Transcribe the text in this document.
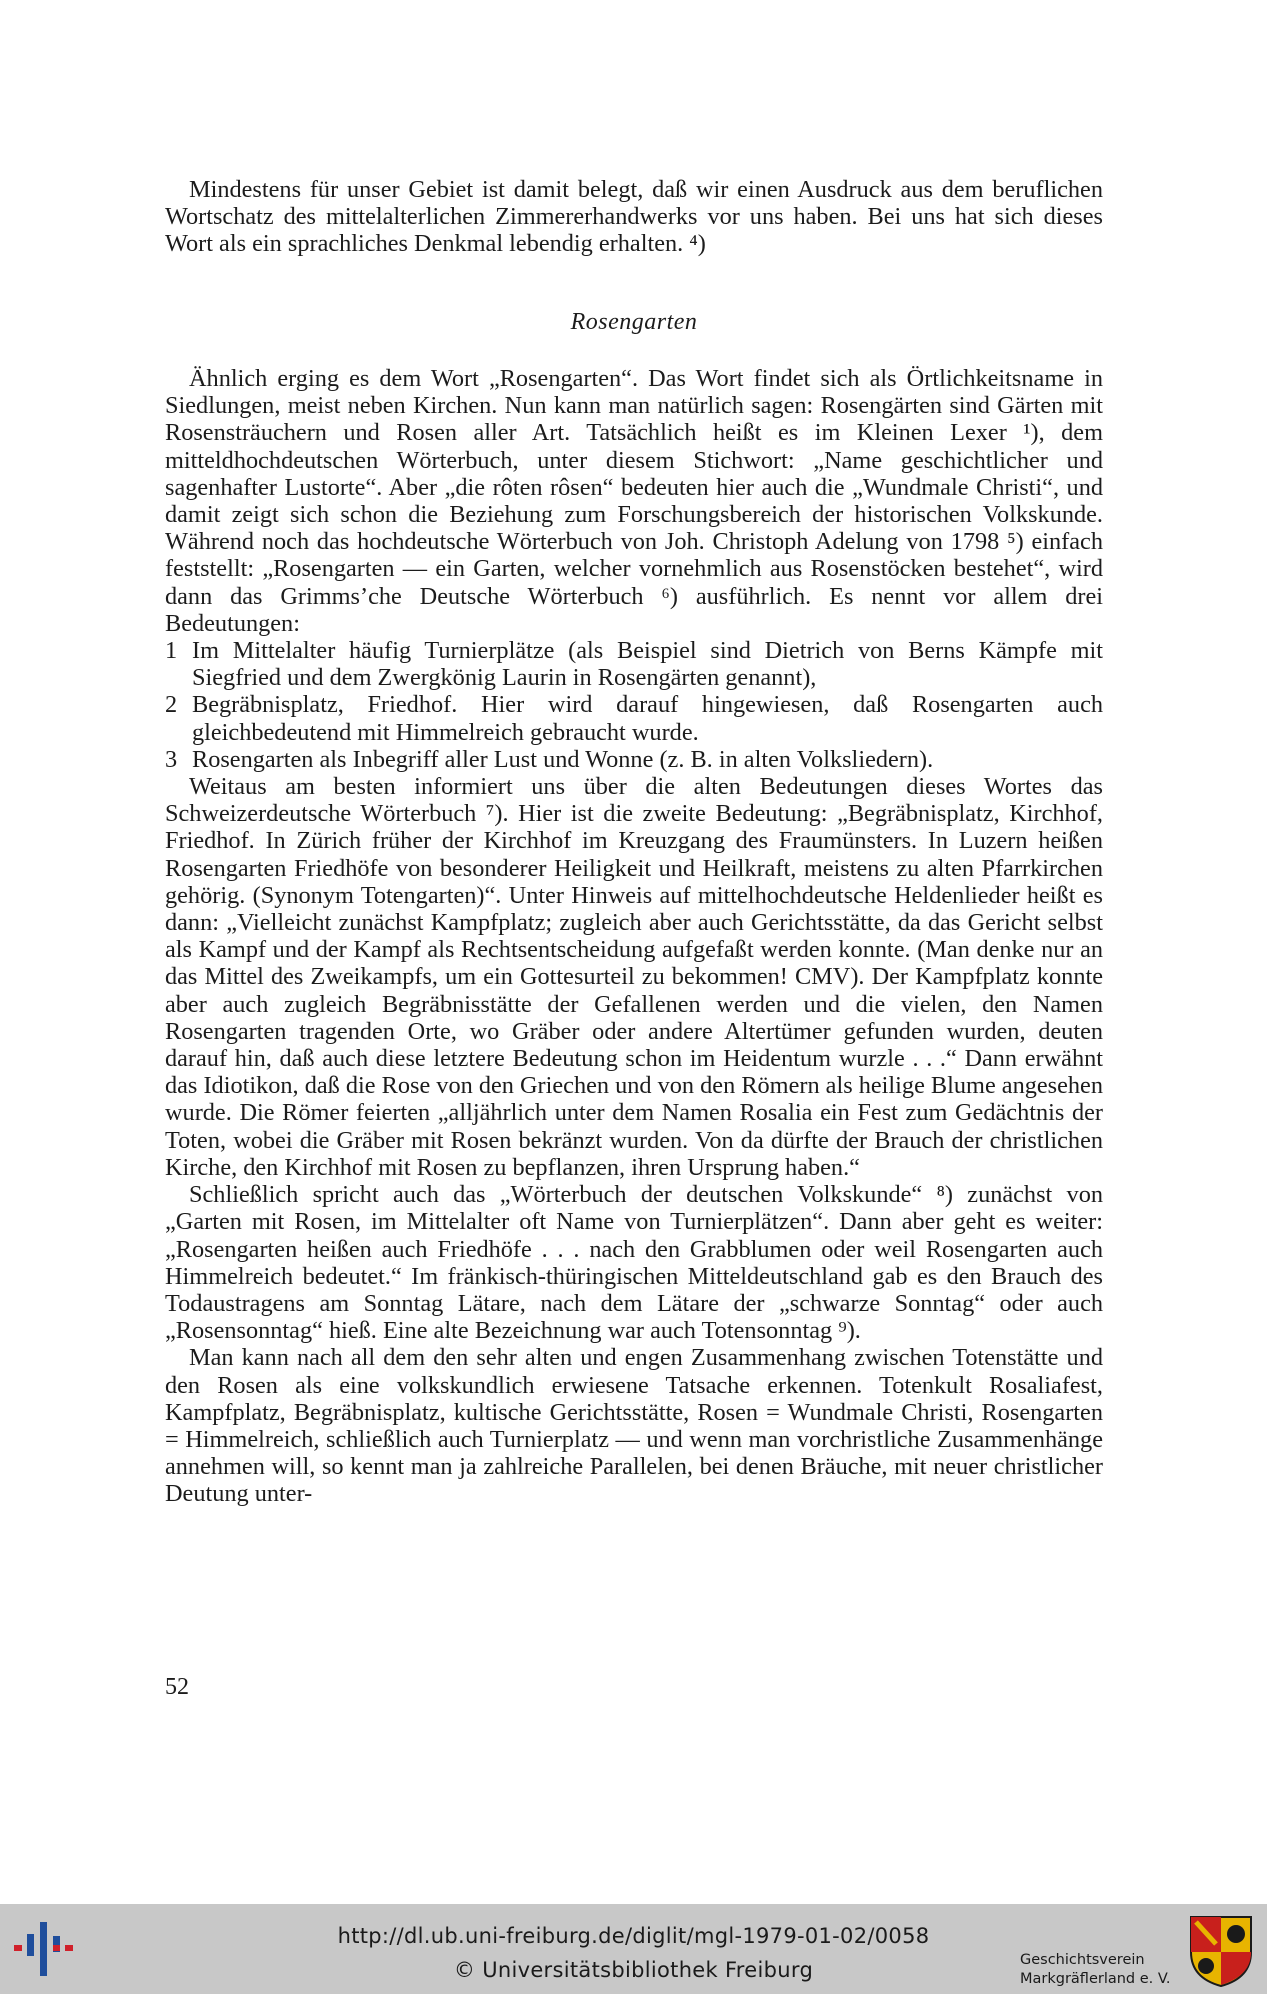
Mindestens für unser Gebiet ist damit belegt, daß wir einen Ausdruck aus dem beruflichen Wortschatz des mittelalterlichen Zimmererhandwerks vor uns haben. Bei uns hat sich dieses Wort als ein sprachliches Denkmal lebendig erhalten. ⁴)

Rosengarten

Ähnlich erging es dem Wort „Rosengarten“. Das Wort findet sich als Örtlichkeitsname in Siedlungen, meist neben Kirchen. Nun kann man natürlich sagen: Rosengärten sind Gärten mit Rosensträuchern und Rosen aller Art. Tatsächlich heißt es im Kleinen Lexer ¹), dem mitteldhochdeutschen Wörterbuch, unter diesem Stichwort: „Name geschichtlicher und sagenhafter Lustorte“. Aber „die rôten rôsen“ bedeuten hier auch die „Wundmale Christi“, und damit zeigt sich schon die Beziehung zum Forschungsbereich der historischen Volkskunde. Während noch das hochdeutsche Wörterbuch von Joh. Christoph Adelung von 1798 ⁵) einfach feststellt: „Rosengarten — ein Garten, welcher vornehmlich aus Rosenstöcken bestehet“, wird dann das Grimms’che Deutsche Wörterbuch ⁶) ausführlich. Es nennt vor allem drei Bedeutungen:

1 Im Mittelalter häufig Turnierplätze (als Beispiel sind Dietrich von Berns Kämpfe mit Siegfried und dem Zwergkönig Laurin in Rosengärten genannt),
2 Begräbnisplatz, Friedhof. Hier wird darauf hingewiesen, daß Rosengarten auch gleichbedeutend mit Himmelreich gebraucht wurde.
3 Rosengarten als Inbegriff aller Lust und Wonne (z. B. in alten Volksliedern).

Weitaus am besten informiert uns über die alten Bedeutungen dieses Wortes das Schweizerdeutsche Wörterbuch ⁷). Hier ist die zweite Bedeutung: „Begräbnisplatz, Kirchhof, Friedhof. In Zürich früher der Kirchhof im Kreuzgang des Fraumünsters. In Luzern heißen Rosengarten Friedhöfe von besonderer Heiligkeit und Heilkraft, meistens zu alten Pfarrkirchen gehörig. (Synonym Totengarten)“. Unter Hinweis auf mittelhochdeutsche Heldenlieder heißt es dann: „Vielleicht zunächst Kampfplatz; zugleich aber auch Gerichtsstätte, da das Gericht selbst als Kampf und der Kampf als Rechtsentscheidung aufgefaßt werden konnte. (Man denke nur an das Mittel des Zweikampfs, um ein Gottesurteil zu bekommen! CMV). Der Kampfplatz konnte aber auch zugleich Begräbnisstätte der Gefallenen werden und die vielen, den Namen Rosengarten tragenden Orte, wo Gräber oder andere Altertümer gefunden wurden, deuten darauf hin, daß auch diese letztere Bedeutung schon im Heidentum wurzle . . .“ Dann erwähnt das Idiotikon, daß die Rose von den Griechen und von den Römern als heilige Blume angesehen wurde. Die Römer feierten „alljährlich unter dem Namen Rosalia ein Fest zum Gedächtnis der Toten, wobei die Gräber mit Rosen bekränzt wurden. Von da dürfte der Brauch der christlichen Kirche, den Kirchhof mit Rosen zu bepflanzen, ihren Ursprung haben.“

Schließlich spricht auch das „Wörterbuch der deutschen Volkskunde“ ⁸) zunächst von „Garten mit Rosen, im Mittelalter oft Name von Turnierplätzen“. Dann aber geht es weiter: „Rosengarten heißen auch Friedhöfe . . . nach den Grabblumen oder weil Rosengarten auch Himmelreich bedeutet.“ Im fränkisch-thüringischen Mitteldeutschland gab es den Brauch des Todaustragens am Sonntag Lätare, nach dem Lätare der „schwarze Sonntag“ oder auch „Rosensonntag“ hieß. Eine alte Bezeichnung war auch Totensonntag ⁹).

Man kann nach all dem den sehr alten und engen Zusammenhang zwischen Totenstätte und den Rosen als eine volkskundlich erwiesene Tatsache erkennen. Totenkult Rosaliafest, Kampfplatz, Begräbnisplatz, kultische Gerichtsstätte, Rosen = Wundmale Christi, Rosengarten = Himmelreich, schließlich auch Turnierplatz — und wenn man vorchristliche Zusammenhänge annehmen will, so kennt man ja zahlreiche Parallelen, bei denen Bräuche, mit neuer christlicher Deutung unter-

52
http://dl.ub.uni-freiburg.de/diglit/mgl-1979-01-02/0058
© Universitätsbibliothek Freiburg	Geschichtsverein
Markgräflerland e. V.
